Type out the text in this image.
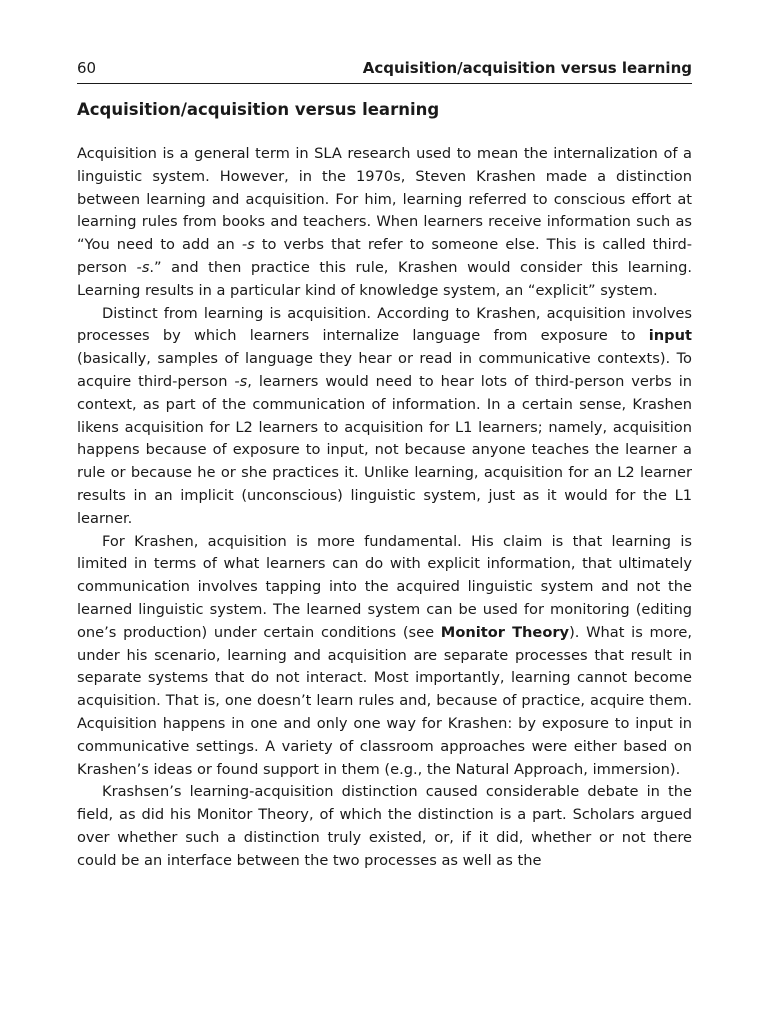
60	Acquisition/acquisition versus learning
Acquisition/acquisition versus learning

Acquisition is a general term in SLA research used to mean the internalization of a linguistic system. However, in the 1970s, Steven Krashen made a distinction between learning and acquisition. For him, learning referred to conscious effort at learning rules from books and teachers. When learners receive information such as “You need to add an -s to verbs that refer to someone else. This is called third-person -s.” and then practice this rule, Krashen would consider this learning. Learning results in a particular kind of knowledge system, an “explicit” system.

Distinct from learning is acquisition. According to Krashen, acquisition involves processes by which learners internalize language from exposure to input (basically, samples of language they hear or read in communicative contexts). To acquire third-person -s, learners would need to hear lots of third-person verbs in context, as part of the communication of information. In a certain sense, Krashen likens acquisition for L2 learners to acquisition for L1 learners; namely, acquisition happens because of exposure to input, not because anyone teaches the learner a rule or because he or she practices it. Unlike learning, acquisition for an L2 learner results in an implicit (unconscious) linguistic system, just as it would for the L1 learner.

For Krashen, acquisition is more fundamental. His claim is that learning is limited in terms of what learners can do with explicit information, that ultimately communication involves tapping into the acquired linguistic system and not the learned linguistic system. The learned system can be used for monitoring (editing one’s production) under certain conditions (see Monitor Theory). What is more, under his scenario, learning and acquisition are separate processes that result in separate systems that do not interact. Most importantly, learning cannot become acquisition. That is, one doesn’t learn rules and, because of practice, acquire them. Acquisition happens in one and only one way for Krashen: by exposure to input in communicative settings. A variety of classroom approaches were either based on Krashen’s ideas or found support in them (e.g., the Natural Approach, immersion).

Krashsen’s learning-acquisition distinction caused considerable debate in the field, as did his Monitor Theory, of which the distinction is a part. Scholars argued over whether such a distinction truly existed, or, if it did, whether or not there could be an interface between the two processes as well as the
